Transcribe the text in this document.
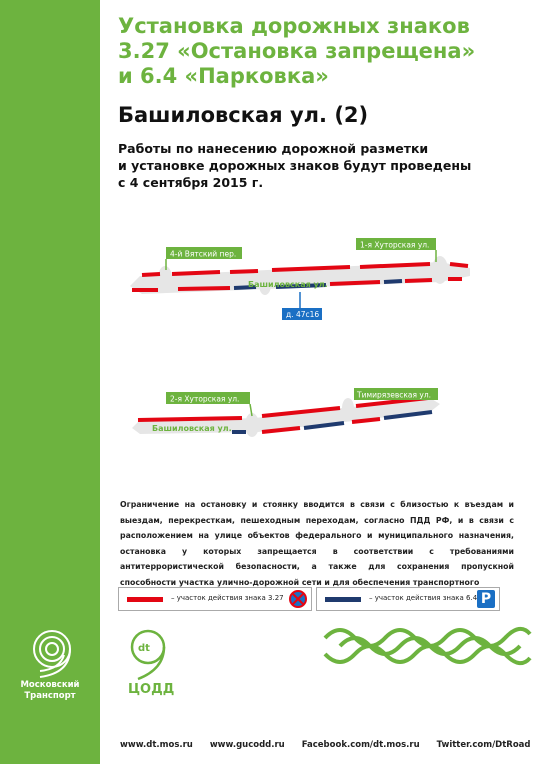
Установка дорожных знаков
3.27 «Остановка запрещена»
и 6.4 «Парковка»
Башиловская ул. (2)
Работы по нанесению дорожной разметки
и установке дорожных знаков будут проведены
с 4 сентября 2015 г.
4-й Вятский пер.
1-я Хуторская ул.
Башиловская ул.
д. 47с16
2-я Хуторская ул.	Тимирязевская ул.
Башиловская ул.
Ограничение на остановку и стоянку вводится в связи с близостью к въездам и выездам, перекресткам, пешеходным переходам, согласно ПДД РФ, и в связи с расположением на улице объектов федерального и муниципального назначения, остановка у которых запрещается в соответствии с требованиями антитеррористической безопасности, а также для сохранения пропускной способности участка улично-дорожной сети и для обеспечения транспортного
– участок действия знака 3.27	– участок действия знака 6.4 P
Московский
Транспорт
dt
ЦОДД
www.dt.mos.ru www.gucodd.ru Facebook.com/dt.mos.ru Twitter.com/DtRoad
